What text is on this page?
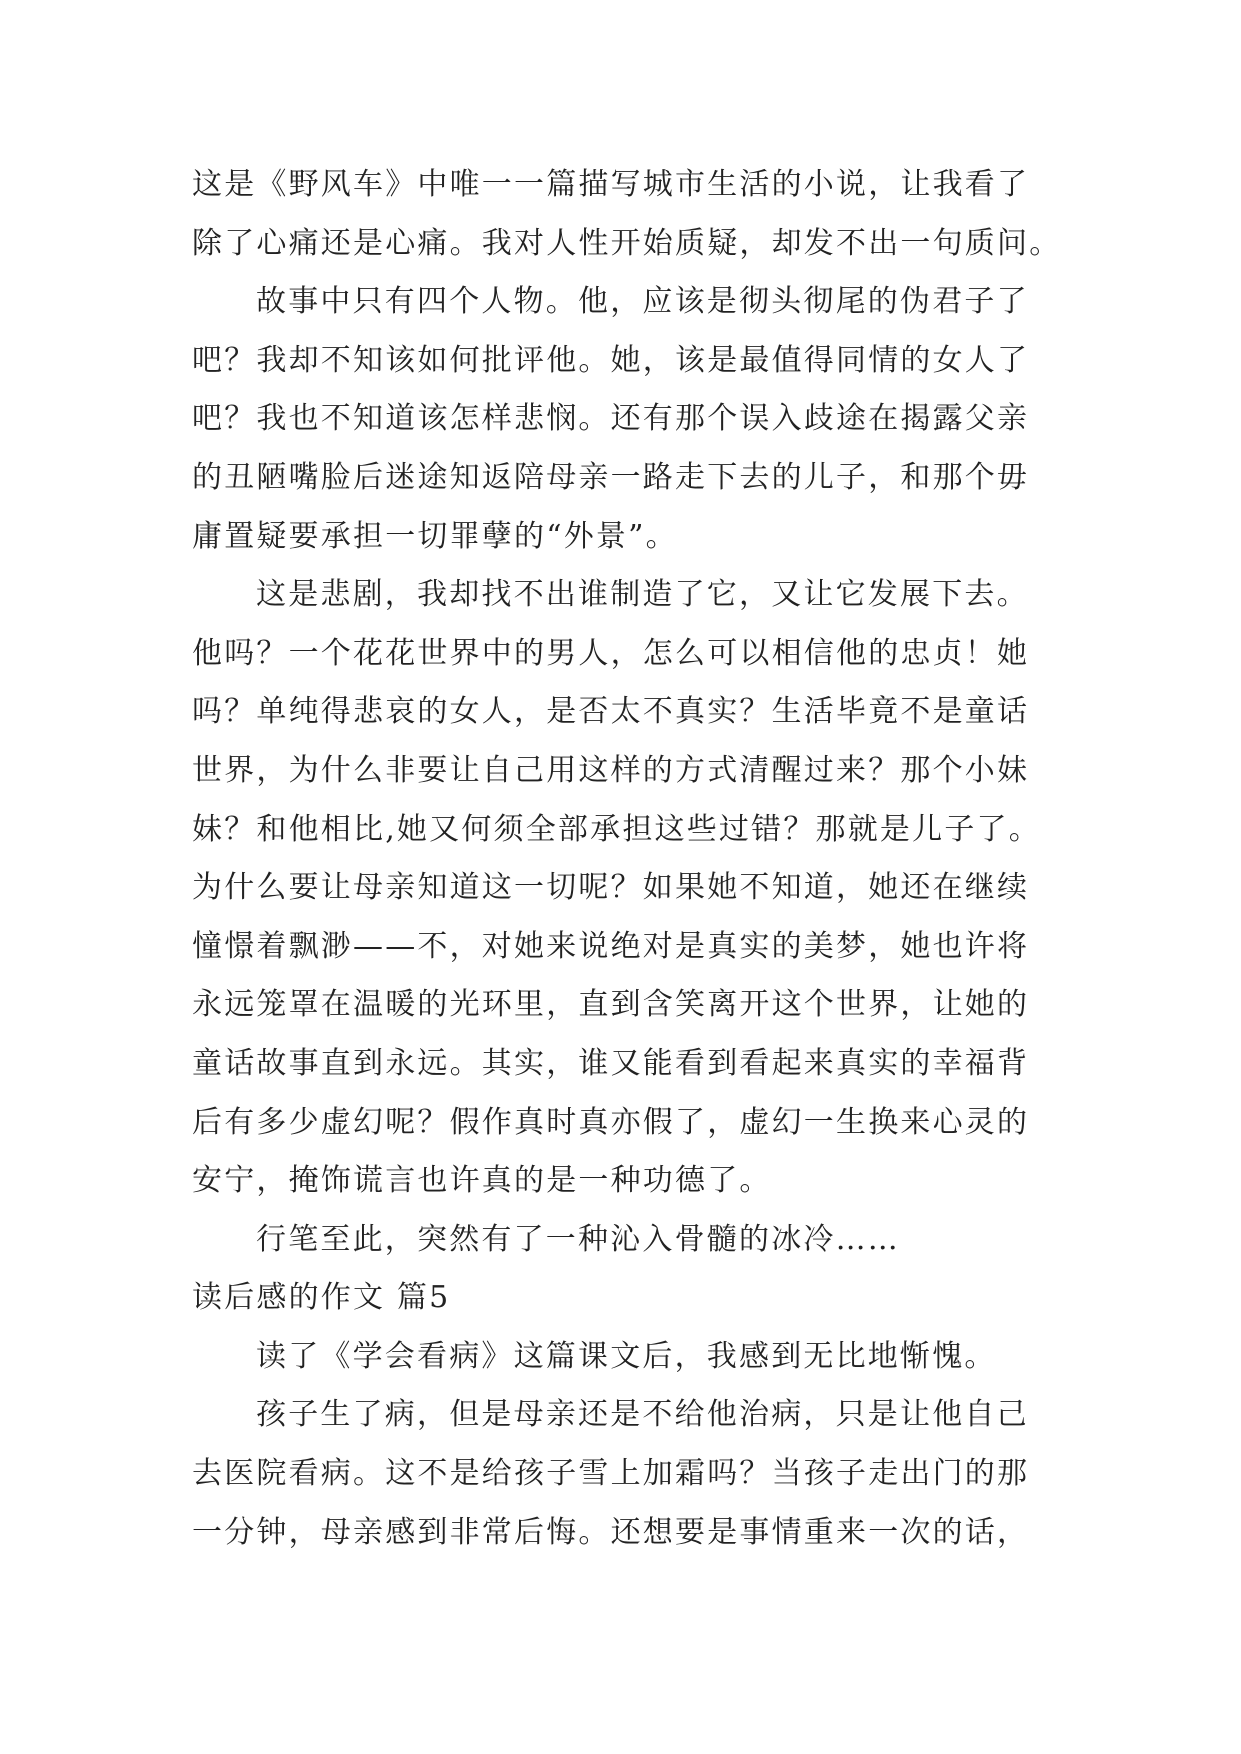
这是《野风车》中唯一一篇描写城市生活的小说，让我看了
除了心痛还是心痛。我对人性开始质疑，却发不出一句质问。
故事中只有四个人物。他，应该是彻头彻尾的伪君子了
吧？我却不知该如何批评他。她，该是最值得同情的女人了
吧？我也不知道该怎样悲悯。还有那个误入歧途在揭露父亲
的丑陋嘴脸后迷途知返陪母亲一路走下去的儿子，和那个毋
庸置疑要承担一切罪孽的“外景”。
这是悲剧，我却找不出谁制造了它，又让它发展下去。
他吗？一个花花世界中的男人，怎么可以相信他的忠贞！她
吗？单纯得悲哀的女人，是否太不真实？生活毕竟不是童话
世界，为什么非要让自己用这样的方式清醒过来？那个小妹
妹？和他相比,她又何须全部承担这些过错？那就是儿子了。
为什么要让母亲知道这一切呢？如果她不知道，她还在继续
憧憬着飘渺——不，对她来说绝对是真实的美梦，她也许将
永远笼罩在温暖的光环里，直到含笑离开这个世界，让她的
童话故事直到永远。其实，谁又能看到看起来真实的幸福背
后有多少虚幻呢？假作真时真亦假了，虚幻一生换来心灵的
安宁，掩饰谎言也许真的是一种功德了。
行笔至此，突然有了一种沁入骨髓的冰冷……
读后感的作文 篇5
读了《学会看病》这篇课文后，我感到无比地惭愧。
孩子生了病，但是母亲还是不给他治病，只是让他自己
去医院看病。这不是给孩子雪上加霜吗？当孩子走出门的那
一分钟，母亲感到非常后悔。还想要是事情重来一次的话，
